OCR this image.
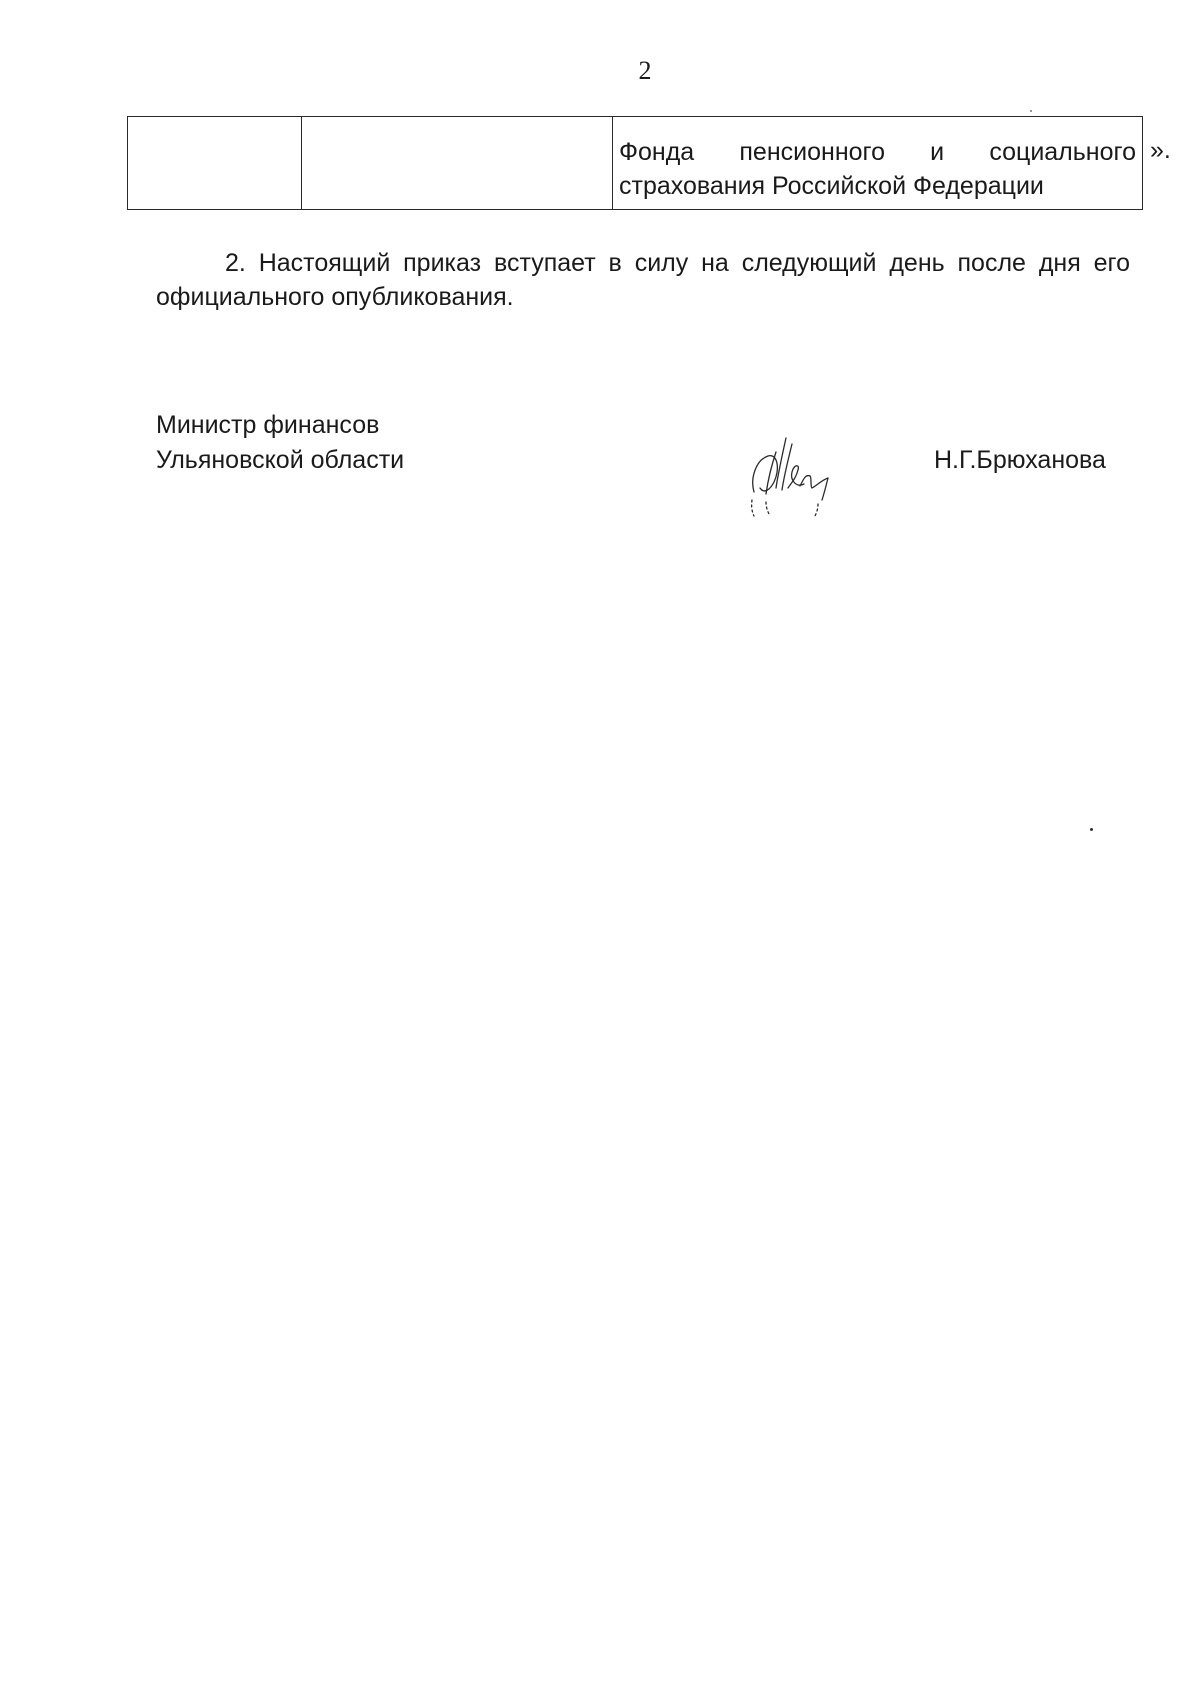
2

Фонда пенсионного и социального
страхования Российской Федерации
».
2. Настоящий приказ вступает в силу на следующий день после дня его официального опубликования.
Министр финансов
Ульяновской области	Н.Г.Брюханова
